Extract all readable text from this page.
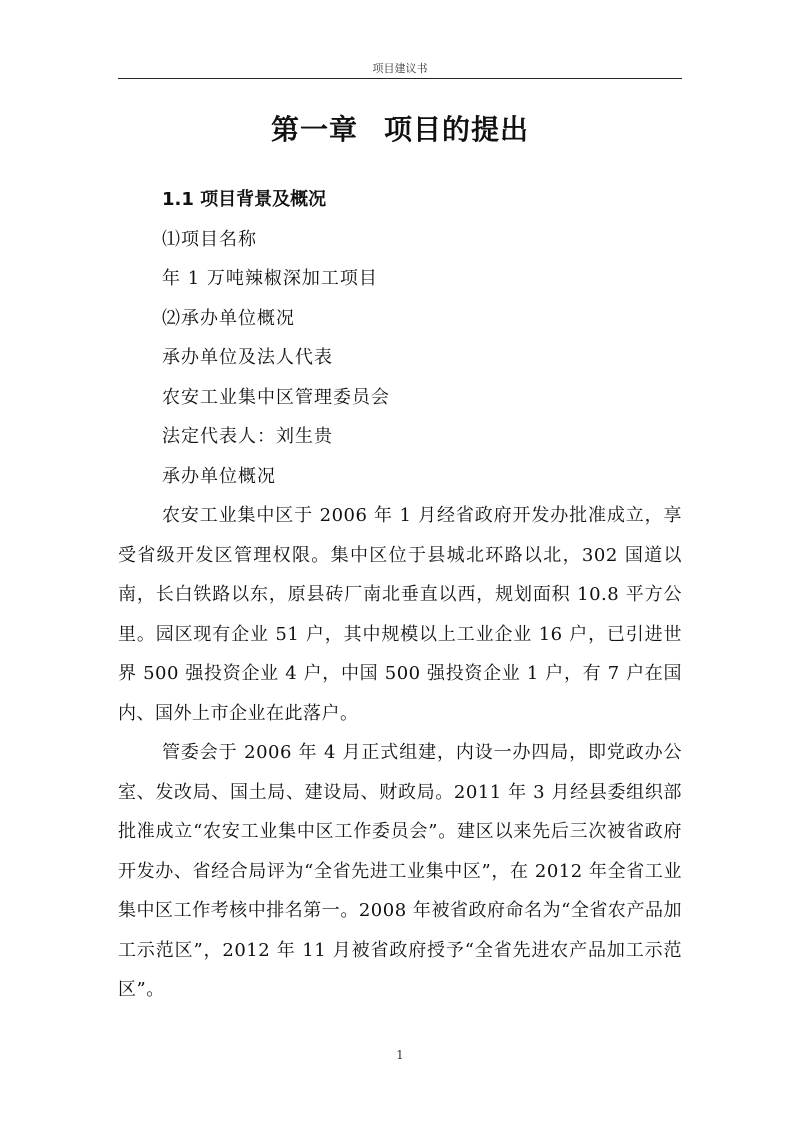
项目建议书
第一章 项目的提出
1.1 项目背景及概况
⑴项目名称
年 1 万吨辣椒深加工项目
⑵承办单位概况
承办单位及法人代表
农安工业集中区管理委员会
法定代表人：刘生贵
承办单位概况

农安工业集中区于 2006 年 1 月经省政府开发办批准成立，享受省级开发区管理权限。集中区位于县城北环路以北，302 国道以南，长白铁路以东，原县砖厂南北垂直以西，规划面积 10.8 平方公里。园区现有企业 51 户，其中规模以上工业企业 16 户，已引进世界 500 强投资企业 4 户，中国 500 强投资企业 1 户，有 7 户在国内、国外上市企业在此落户。

管委会于 2006 年 4 月正式组建，内设一办四局，即党政办公室、发改局、国土局、建设局、财政局。2011 年 3 月经县委组织部批准成立“农安工业集中区工作委员会”。建区以来先后三次被省政府开发办、省经合局评为“全省先进工业集中区”，在 2012 年全省工业集中区工作考核中排名第一。2008 年被省政府命名为“全省农产品加工示范区”，2012 年 11 月被省政府授予“全省先进农产品加工示范区”。

1
